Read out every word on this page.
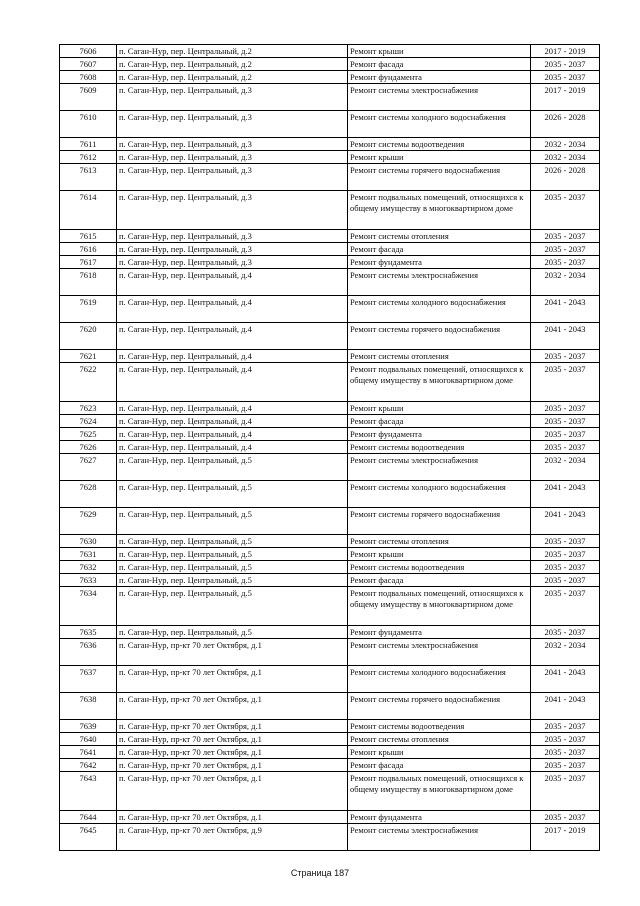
7606	п. Саган-Нур, пер. Центральный, д.2	Ремонт крыши	2017 - 2019
7607	п. Саган-Нур, пер. Центральный, д.2	Ремонт фасада	2035 - 2037
7608	п. Саган-Нур, пер. Центральный, д.2	Ремонт фундамента	2035 - 2037
7609	п. Саган-Нур, пер. Центральный, д.3	Ремонт системы электроснабжения	2017 - 2019
7610	п. Саган-Нур, пер. Центральный, д.3	Ремонт системы холодного водоснабжения	2026 - 2028
7611	п. Саган-Нур, пер. Центральный, д.3	Ремонт системы водоотведения	2032 - 2034
7612	п. Саган-Нур, пер. Центральный, д.3	Ремонт крыши	2032 - 2034
7613	п. Саган-Нур, пер. Центральный, д.3	Ремонт системы горячего водоснабжения	2026 - 2028
7614	п. Саган-Нур, пер. Центральный, д.3	Ремонт подвальных помещений, относящихся к общему имуществу в многоквартирном доме	2035 - 2037
7615	п. Саган-Нур, пер. Центральный, д.3	Ремонт системы отопления	2035 - 2037
7616	п. Саган-Нур, пер. Центральный, д.3	Ремонт фасада	2035 - 2037
7617	п. Саган-Нур, пер. Центральный, д.3	Ремонт фундамента	2035 - 2037
7618	п. Саган-Нур, пер. Центральный, д.4	Ремонт системы электроснабжения	2032 - 2034
7619	п. Саган-Нур, пер. Центральный, д.4	Ремонт системы холодного водоснабжения	2041 - 2043
7620	п. Саган-Нур, пер. Центральный, д.4	Ремонт системы горячего водоснабжения	2041 - 2043
7621	п. Саган-Нур, пер. Центральный, д.4	Ремонт системы отопления	2035 - 2037
7622	п. Саган-Нур, пер. Центральный, д.4	Ремонт подвальных помещений, относящихся к общему имуществу в многоквартирном доме	2035 - 2037
7623	п. Саган-Нур, пер. Центральный, д.4	Ремонт крыши	2035 - 2037
7624	п. Саган-Нур, пер. Центральный, д.4	Ремонт фасада	2035 - 2037
7625	п. Саган-Нур, пер. Центральный, д.4	Ремонт фундамента	2035 - 2037
7626	п. Саган-Нур, пер. Центральный, д.4	Ремонт системы водоотведения	2035 - 2037
7627	п. Саган-Нур, пер. Центральный, д.5	Ремонт системы электроснабжения	2032 - 2034
7628	п. Саган-Нур, пер. Центральный, д.5	Ремонт системы холодного водоснабжения	2041 - 2043
7629	п. Саган-Нур, пер. Центральный, д.5	Ремонт системы горячего водоснабжения	2041 - 2043
7630	п. Саган-Нур, пер. Центральный, д.5	Ремонт системы отопления	2035 - 2037
7631	п. Саган-Нур, пер. Центральный, д.5	Ремонт крыши	2035 - 2037
7632	п. Саган-Нур, пер. Центральный, д.5	Ремонт системы водоотведения	2035 - 2037
7633	п. Саган-Нур, пер. Центральный, д.5	Ремонт фасада	2035 - 2037
7634	п. Саган-Нур, пер. Центральный, д.5	Ремонт подвальных помещений, относящихся к общему имуществу в многоквартирном доме	2035 - 2037
7635	п. Саган-Нур, пер. Центральный, д.5	Ремонт фундамента	2035 - 2037
7636	п. Саган-Нур, пр-кт 70 лет Октября, д.1	Ремонт системы электроснабжения	2032 - 2034
7637	п. Саган-Нур, пр-кт 70 лет Октября, д.1	Ремонт системы холодного водоснабжения	2041 - 2043
7638	п. Саган-Нур, пр-кт 70 лет Октября, д.1	Ремонт системы горячего водоснабжения	2041 - 2043
7639	п. Саган-Нур, пр-кт 70 лет Октября, д.1	Ремонт системы водоотведения	2035 - 2037
7640	п. Саган-Нур, пр-кт 70 лет Октября, д.1	Ремонт системы отопления	2035 - 2037
7641	п. Саган-Нур, пр-кт 70 лет Октября, д.1	Ремонт крыши	2035 - 2037
7642	п. Саган-Нур, пр-кт 70 лет Октября, д.1	Ремонт фасада	2035 - 2037
7643	п. Саган-Нур, пр-кт 70 лет Октября, д.1	Ремонт подвальных помещений, относящихся к общему имуществу в многоквартирном доме	2035 - 2037
7644	п. Саган-Нур, пр-кт 70 лет Октября, д.1	Ремонт фундамента	2035 - 2037
7645	п. Саган-Нур, пр-кт 70 лет Октября, д.9	Ремонт системы электроснабжения	2017 - 2019
Страница 187
